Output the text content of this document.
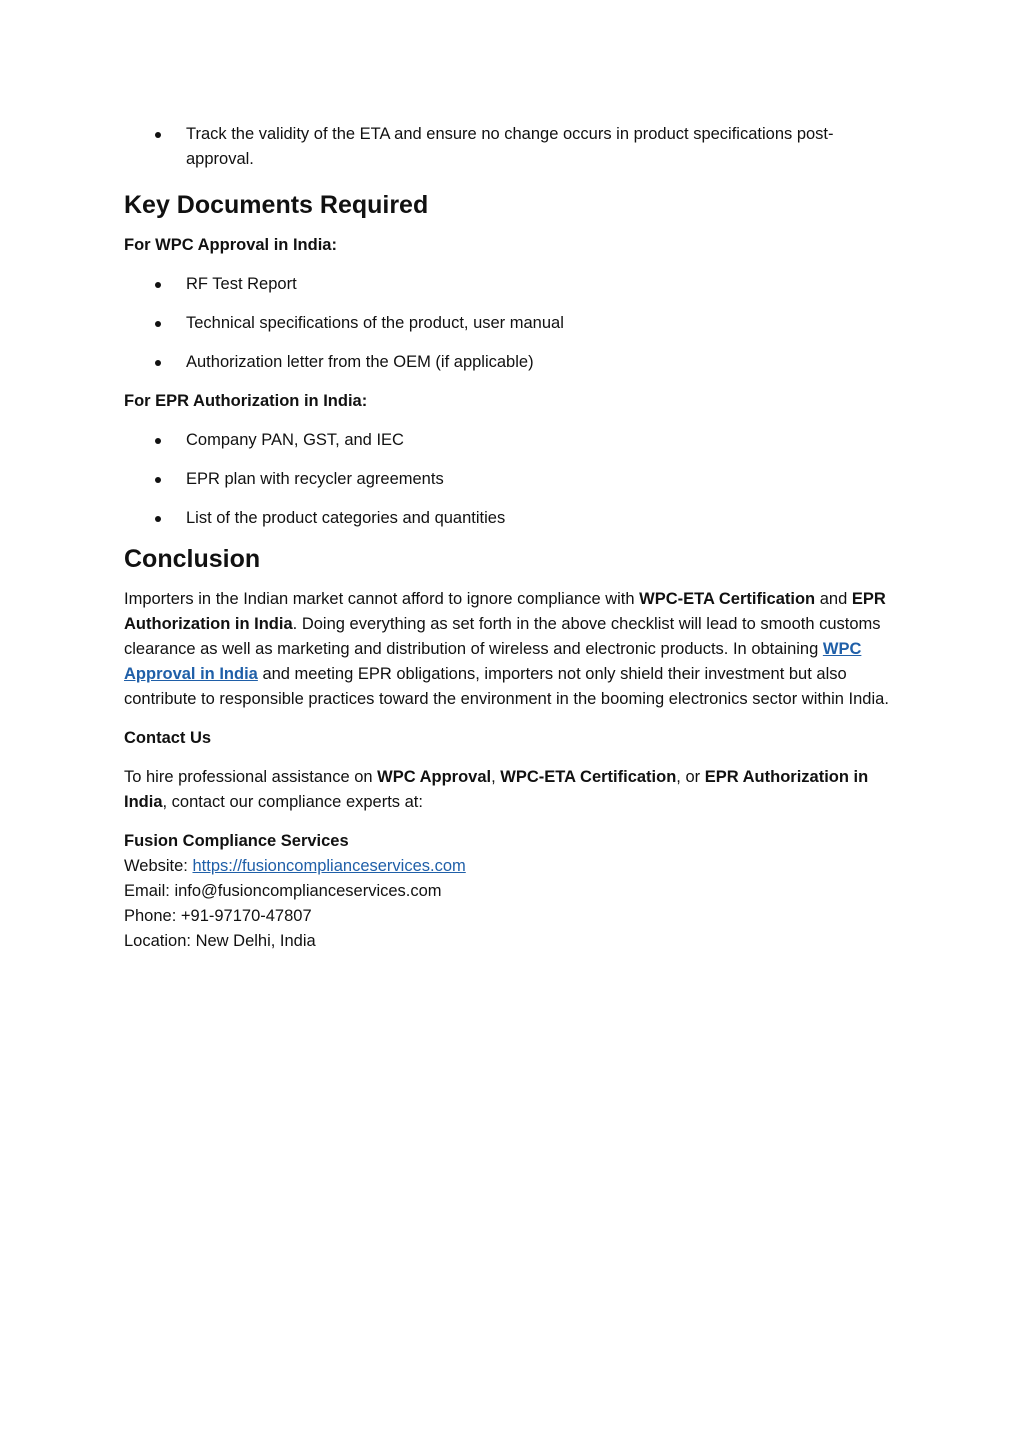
Track the validity of the ETA and ensure no change occurs in product specifications post-approval.
Key Documents Required

For WPC Approval in India:

RF Test Report
Technical specifications of the product, user manual
Authorization letter from the OEM (if applicable)

For EPR Authorization in India:

Company PAN, GST, and IEC
EPR plan with recycler agreements
List of the product categories and quantities
Conclusion

Importers in the Indian market cannot afford to ignore compliance with WPC-ETA Certification and EPR Authorization in India. Doing everything as set forth in the above checklist will lead to smooth customs clearance as well as marketing and distribution of wireless and electronic products. In obtaining WPC Approval in India and meeting EPR obligations, importers not only shield their investment but also contribute to responsible practices toward the environment in the booming electronics sector within India.

Contact Us

To hire professional assistance on WPC Approval, WPC-ETA Certification, or EPR Authorization in India, contact our compliance experts at:

Fusion Compliance Services
Website: https://fusioncomplianceservices.com
Email: info@fusioncomplianceservices.com
Phone: +91-97170-47807
Location: New Delhi, India
